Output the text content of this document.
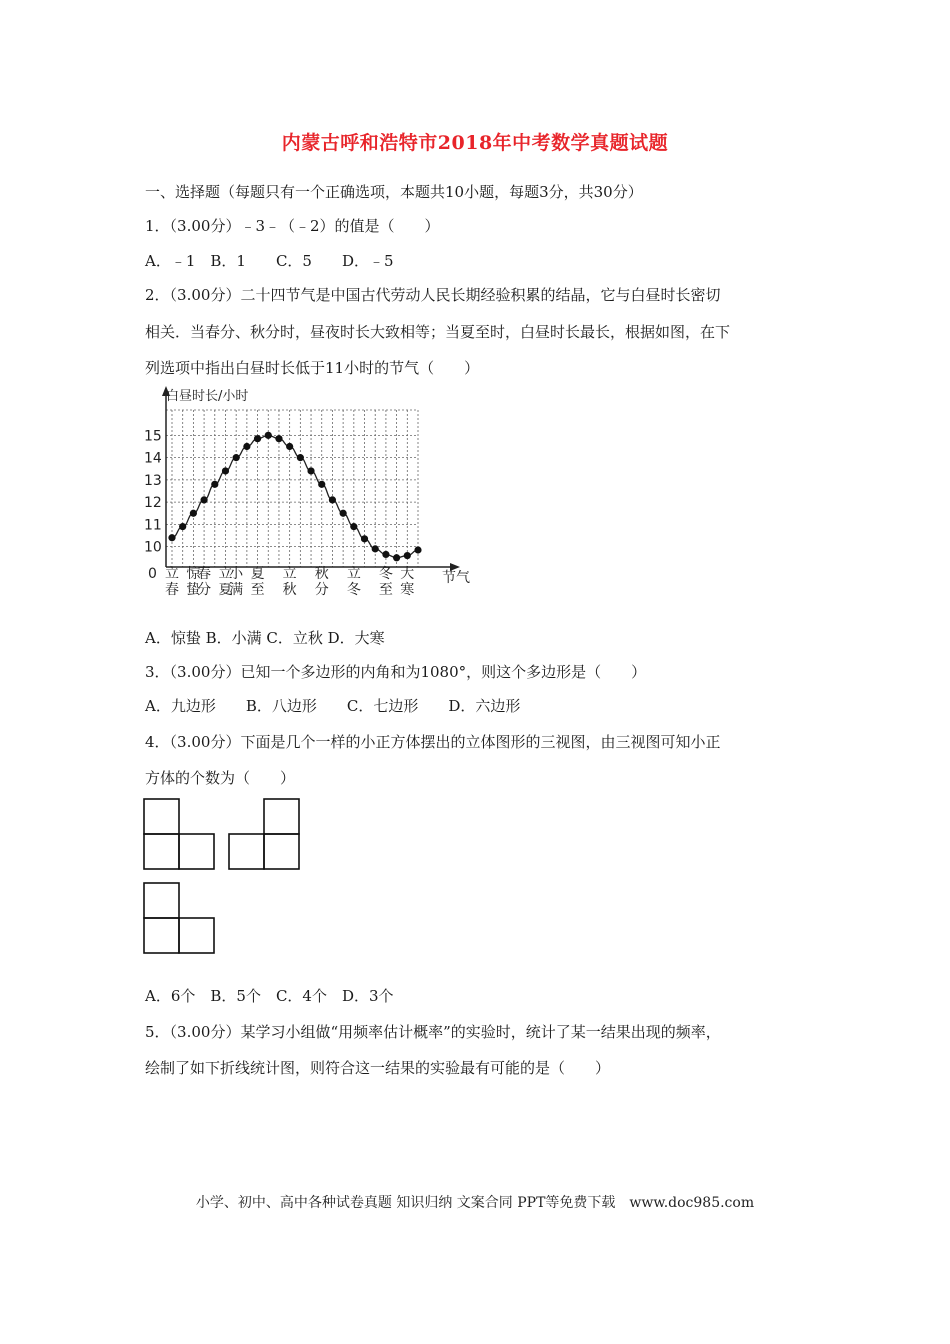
内蒙古呼和浩特市2018年中考数学真题试题
一、选择题（每题只有一个正确选项，本题共10小题，每题3分，共30分）
1．（3.00分）﹣3﹣（﹣2）的值是（　　）
A．﹣1　B．1　　C．5　　D．﹣5
2．（3.00分）二十四节气是中国古代劳动人民长期经验积累的结晶，它与白昼时长密切
相关．当春分、秋分时，昼夜时长大致相等；当夏至时，白昼时长最长，根据如图，在下
列选项中指出白昼时长低于11小时的节气（　　）
白昼时长/小时
节气
0
10
11
12
13
14
15
立
春
惊
蛰
春
分
立
夏
小
满
夏
至
立
秋
秋
分
立
冬
冬
至
大
寒
A．惊蛰 B．小满 C．立秋 D．大寒
3．（3.00分）已知一个多边形的内角和为1080°，则这个多边形是（　　）
A．九边形　　B．八边形　　C．七边形　　D．六边形
4．（3.00分）下面是几个一样的小正方体摆出的立体图形的三视图，由三视图可知小正
方体的个数为（　　）
A．6个　B．5个　C．4个　D．3个
5．（3.00分）某学习小组做“用频率估计概率”的实验时，统计了某一结果出现的频率，
绘制了如下折线统计图，则符合这一结果的实验最有可能的是（　　）
小学、初中、高中各种试卷真题 知识归纳 文案合同 PPT等免费下载　www.doc985.com
